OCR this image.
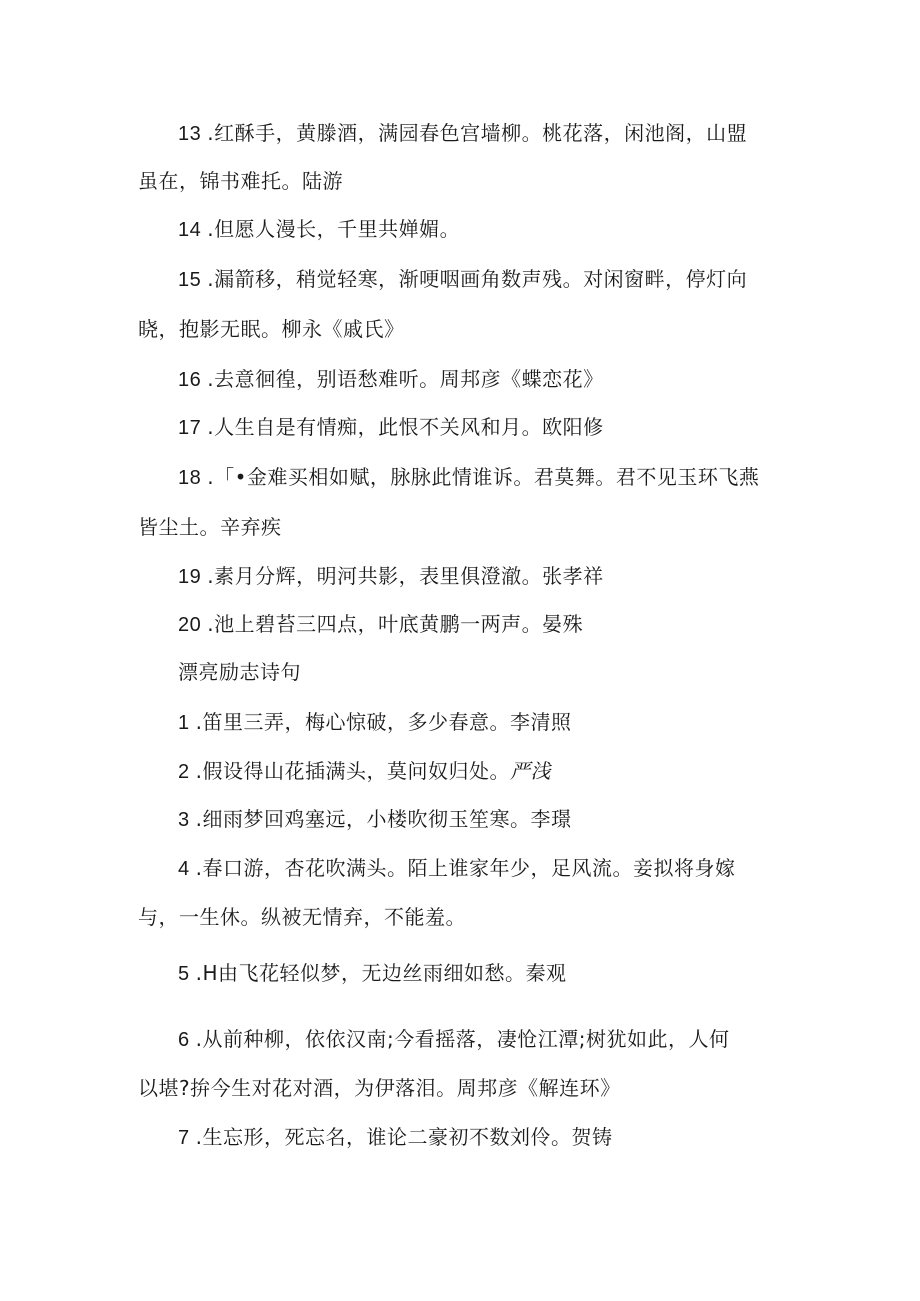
13 .红酥手，黄滕酒，满园春色宫墙柳。桃花落，闲池阁，山盟
虽在，锦书难托。陆游
14 .但愿人漫长，千里共婵媚。
15 .漏箭移，稍觉轻寒，渐哽咽画角数声残。对闲窗畔，停灯向
晓，抱影无眠。柳永《戚氏》
16 .去意徊徨，别语愁难听。周邦彦《蝶恋花》
17 .人生自是有情痴，此恨不关风和月。欧阳修
18 .「•金难买相如赋，脉脉此情谁诉。君莫舞。君不见玉环飞燕
皆尘土。辛弃疾
19 .素月分辉，明河共影，表里俱澄澈。张孝祥
20 .池上碧苔三四点，叶底黄鹏一两声。晏殊
漂亮励志诗句
1 .笛里三弄，梅心惊破，多少春意。李清照
2 .假设得山花插满头，莫问奴归处。严浅
3 .细雨梦回鸡塞远，小楼吹彻玉笙寒。李璟
4 .春口游，杏花吹满头。陌上谁家年少，足风流。妾拟将身嫁
与，一生休。纵被无情弃，不能羞。
5 .H由飞花轻似梦，无边丝雨细如愁。秦观
6 .从前种柳，依依汉南;今看摇落，凄怆江潭;树犹如此，人何
以堪?拚今生对花对酒，为伊落泪。周邦彦《解连环》
7 .生忘形，死忘名，谁论二豪初不数刘伶。贺铸
